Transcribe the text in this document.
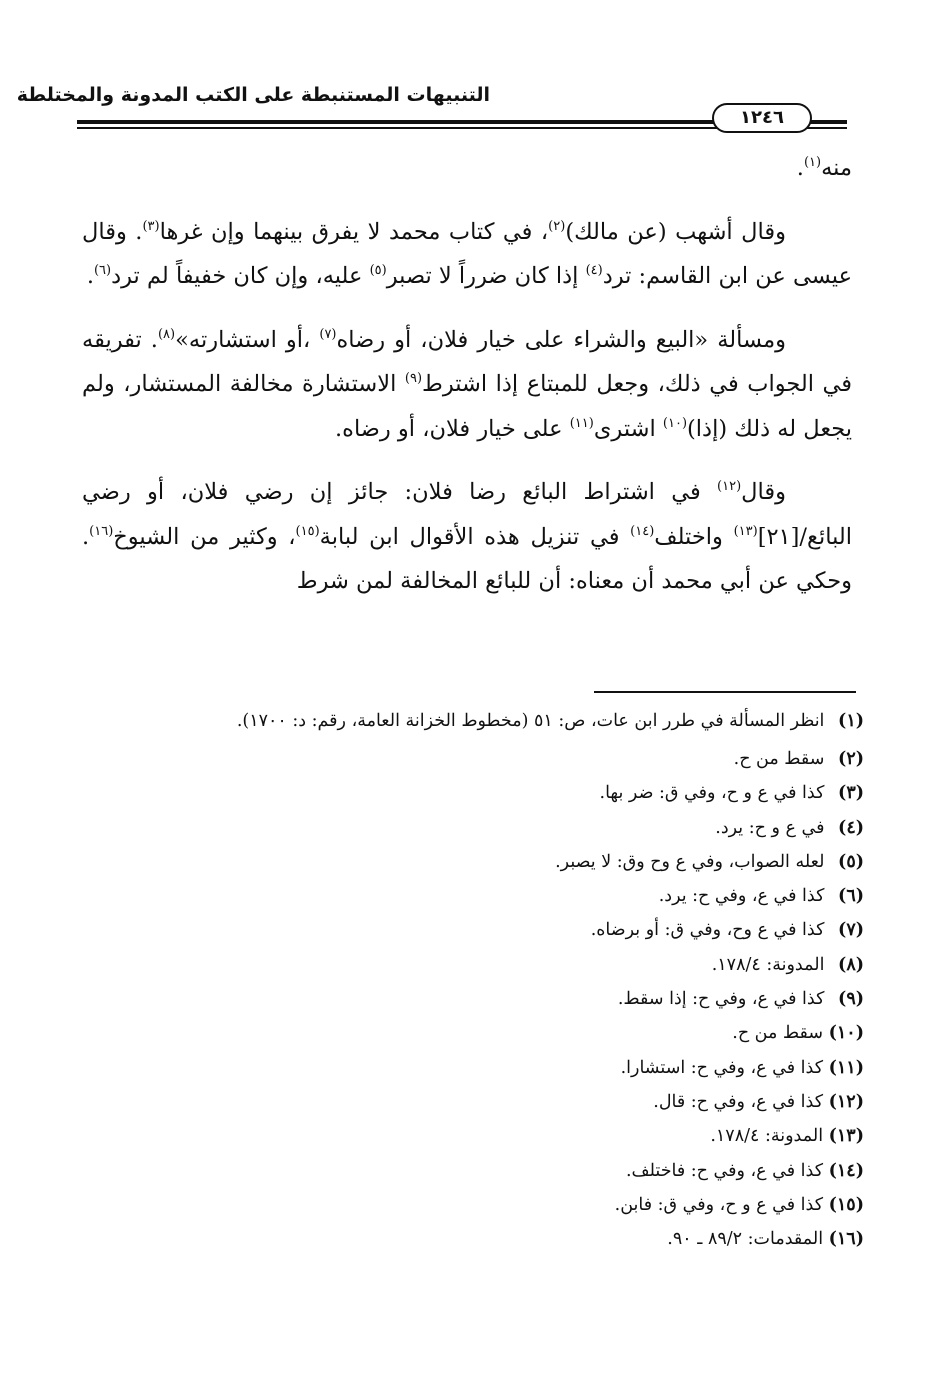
التنبيهات المستنبطة على الكتب المدونة والمختلطة
١٢٤٦

منه$^{(١)}$.

وقال أشهب (عن مالك)$^{(٢)}$، في كتاب محمد لا يفرق بينهما وإن غرها$^{(٣)}$. وقال عيسى عن ابن القاسم: ترد$^{(٤)}$ إذا كان ضرراً لا تصبر$^{(٥)}$ عليه، وإن كان خفيفاً لم ترد$^{(٦)}$.

ومسألة «البيع والشراء على خيار فلان، أو رضاه$^{(٧)}$ ،أو استشارته»$^{(٨)}$. تفريقه في الجواب في ذلك، وجعل للمبتاع إذا اشترط$^{(٩)}$ الاستشارة مخالفة المستشار، ولم يجعل له ذلك (إذا)$^{(١٠)}$ اشترى$^{(١١)}$ على خيار فلان، أو رضاه.

وقال$^{(١٢)}$ في اشتراط البائع رضا فلان: جائز إن رضي فلان، أو رضي البائع/[٢١]$^{(١٣)}$ واختلف$^{(١٤)}$ في تنزيل هذه الأقوال ابن لبابة$^{(١٥)}$، وكثير من الشيوخ$^{(١٦)}$. وحكي عن أبي محمد أن معناه: أن للبائع المخالفة لمن شرط

(١) انظر المسألة في طرر ابن عات، ص: ٥١ (مخطوط الخزانة العامة، رقم: د: ١٧٠٠).
(٢) سقط من ح.
(٣) كذا في ع و ح، وفي ق: ضر بها.
(٤) في ع و ح: يرد.
(٥) لعله الصواب، وفي ع وح وق: لا يصبر.
(٦) كذا في ع، وفي ح: يرد.
(٧) كذا في ع وح، وفي ق: أو برضاه.
(٨) المدونة: ١٧٨/٤.
(٩) كذا في ع، وفي ح: إذا سقط.
(١٠) سقط من ح.
(١١) كذا في ع، وفي ح: استشارا.
(١٢) كذا في ع، وفي ح: قال.
(١٣) المدونة: ١٧٨/٤.
(١٤) كذا في ع، وفي ح: فاختلف.
(١٥) كذا في ع و ح، وفي ق: فابن.
(١٦) المقدمات: ٨٩/٢ ـ ٩٠.
